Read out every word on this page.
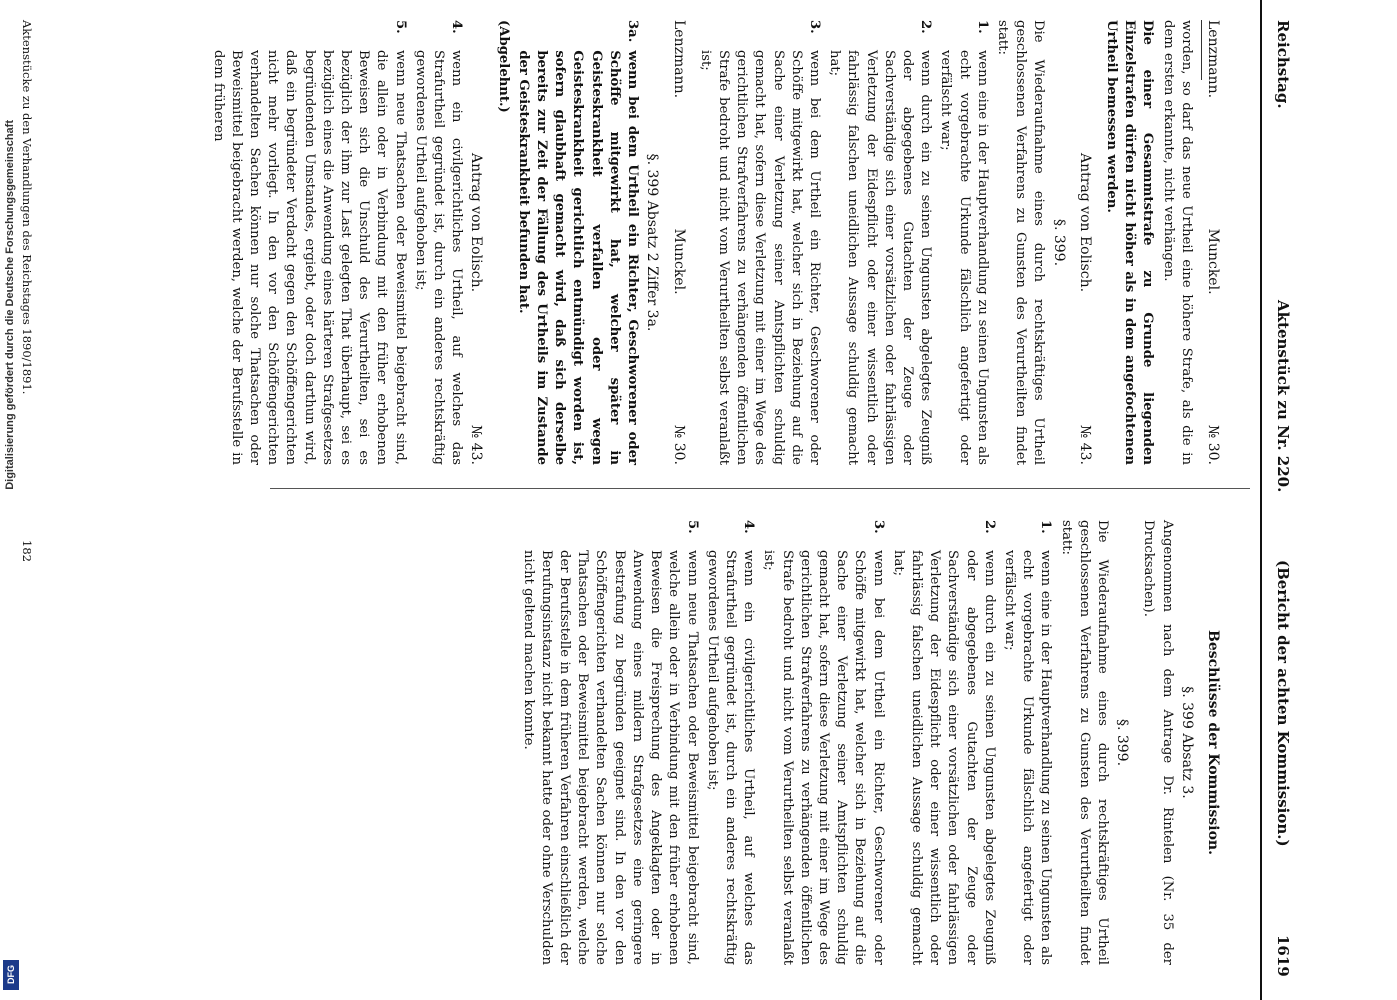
Digitalisierung gefördert durch die Deutsche Forschungsgemeinschaft
DFG
Reichstag.
Aktenstück zu Nr. 220.
(Bericht der achten Kommission.)
1619
Lenzmann.
Munckel.
№ 30.
worden, so darf das neue Urtheil eine höhere Strafe, als die in dem ersten erkannte, nicht verhängen.
Die einer Gesammtstrafe zu Grunde liegenden Einzelstrafen dürfen nicht höher als in dem angefochtenen Urtheil bemessen werden.
Antrag von Eolisch.
№ 43.
§. 399.
Die Wiederaufnahme eines durch rechtskräftiges Urtheil geschlossenen Verfahrens zu Gunsten des Verurtheilten findet statt:
1.
wenn eine in der Hauptverhandlung zu seinen Ungunsten als echt vorgebrachte Urkunde fälschlich angefertigt oder verfälscht war;
2.
wenn durch ein zu seinen Ungunsten abgelegtes Zeugniß oder abgegebenes Gutachten der Zeuge oder Sachverständige sich einer vorsätzlichen oder fahrlässigen Verletzung der Eidespflicht oder einer wissentlich oder fahrlässig falschen uneidlichen Aussage schuldig gemacht hat;
3.
wenn bei dem Urtheil ein Richter, Geschworener oder Schöffe mitgewirkt hat, welcher sich in Beziehung auf die Sache einer Verletzung seiner Amtspflichten schuldig gemacht hat, sofern diese Verletzung mit einer im Wege des gerichtlichen Strafverfahrens zu verhängenden öffentlichen Strafe bedroht und nicht vom Verurtheilten selbst veranlaßt ist;
Lenzmann.
Munckel.
№ 30.
§. 399 Absatz 2 Ziffer 3a.
3a.
wenn bei dem Urtheil ein Richter, Geschworener oder Schöffe mitgewirkt hat, welcher später in Geisteskrankheit verfallen oder wegen Geisteskrankheit gerichtlich entmündigt worden ist, sofern glaubhaft gemacht wird, daß sich derselbe bereits zur Zeit der Fällung des Urtheils im Zustande der Geisteskrankheit befunden hat.
(Abgelehnt.)
Antrag von Eolisch.
№ 43.
4.
wenn ein civilgerichtliches Urtheil, auf welches das Strafurtheil gegründet ist, durch ein anderes rechtskräftig gewordenes Urtheil aufgehoben ist;
5.
wenn neue Thatsachen oder Beweismittel beigebracht sind, die allein oder in Verbindung mit den früher erhobenen Beweisen sich die Unschuld des Verurtheilten, sei es bezüglich der ihm zur Last gelegten That überhaupt, sei es bezüglich eines die Anwendung eines härteren Strafgesetzes begründenden Umstandes, ergiebt, oder doch darthun wird, daß ein begründeter Verdacht gegen den Schöffengerichten nicht mehr vorliegt. In den vor den Schöffengerichten verhandelten Sachen können nur solche Thatsachen oder Beweismittel beigebracht werden, welche der Berufsstelle in dem früheren
Beschlüsse der Kommission.
§. 399 Absatz 3.
Angenommen nach dem Antrage Dr. Rintelen (Nr. 35 der Drucksachen).
§. 399.
Die Wiederaufnahme eines durch rechtskräftiges Urtheil geschlossenen Verfahrens zu Gunsten des Verurtheilten findet statt:
1.
wenn eine in der Hauptverhandlung zu seinen Ungunsten als echt vorgebrachte Urkunde fälschlich angefertigt oder verfälscht war;
2.
wenn durch ein zu seinen Ungunsten abgelegtes Zeugniß oder abgegebenes Gutachten der Zeuge oder Sachverständige sich einer vorsätzlichen oder fahrlässigen Verletzung der Eidespflicht oder einer wissentlich oder fahrlässig falschen uneidlichen Aussage schuldig gemacht hat;
3.
wenn bei dem Urtheil ein Richter, Geschworener oder Schöffe mitgewirkt hat, welcher sich in Beziehung auf die Sache einer Verletzung seiner Amtspflichten schuldig gemacht hat, sofern diese Verletzung mit einer im Wege des gerichtlichen Strafverfahrens zu verhängenden öffentlichen Strafe bedroht und nicht vom Verurtheilten selbst veranlaßt ist;
4.
wenn ein civilgerichtliches Urtheil, auf welches das Strafurtheil gegründet ist, durch ein anderes rechtskräftig gewordenes Urtheil aufgehoben ist;
5.
wenn neue Thatsachen oder Beweismittel beigebracht sind, welche allein oder in Verbindung mit den früher erhobenen Beweisen die Freisprechung des Angeklagten oder in Anwendung eines mildern Strafgesetzes eine geringere Bestrafung zu begründen geeignet sind. In den vor den Schöffengerichten verhandelten Sachen können nur solche Thatsachen oder Beweismittel beigebracht werden, welche der Berufsstelle in dem früheren Verfahren einschließlich der Berufungsinstanz nicht bekannt hatte oder ohne Verschulden nicht geltend machen konnte.
Aktenstücke zu den Verhandlungen des Reichstages 1890/1891.
182
